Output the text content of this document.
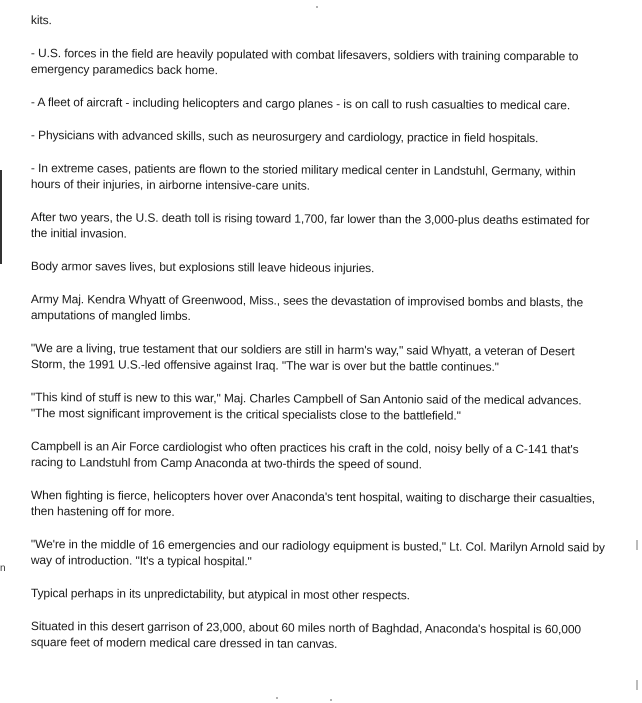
n

kits.

- U.S. forces in the field are heavily populated with combat lifesavers, soldiers with training comparable to emergency paramedics back home.

- A fleet of aircraft - including helicopters and cargo planes - is on call to rush casualties to medical care.

- Physicians with advanced skills, such as neurosurgery and cardiology, practice in field hospitals.

- In extreme cases, patients are flown to the storied military medical center in Landstuhl, Germany, within hours of their injuries, in airborne intensive-care units.

After two years, the U.S. death toll is rising toward 1,700, far lower than the 3,000-plus deaths estimated for the initial invasion.

Body armor saves lives, but explosions still leave hideous injuries.

Army Maj. Kendra Whyatt of Greenwood, Miss., sees the devastation of improvised bombs and blasts, the amputations of mangled limbs.

"We are a living, true testament that our soldiers are still in harm's way," said Whyatt, a veteran of Desert Storm, the 1991 U.S.-led offensive against Iraq. "The war is over but the battle continues."

"This kind of stuff is new to this war," Maj. Charles Campbell of San Antonio said of the medical advances. "The most significant improvement is the critical specialists close to the battlefield."

Campbell is an Air Force cardiologist who often practices his craft in the cold, noisy belly of a C-141 that's racing to Landstuhl from Camp Anaconda at two-thirds the speed of sound.

When fighting is fierce, helicopters hover over Anaconda's tent hospital, waiting to discharge their casualties, then hastening off for more.

"We're in the middle of 16 emergencies and our radiology equipment is busted," Lt. Col. Marilyn Arnold said by way of introduction. "It's a typical hospital."

Typical perhaps in its unpredictability, but atypical in most other respects.

Situated in this desert garrison of 23,000, about 60 miles north of Baghdad, Anaconda's hospital is 60,000 square feet of modern medical care dressed in tan canvas.
